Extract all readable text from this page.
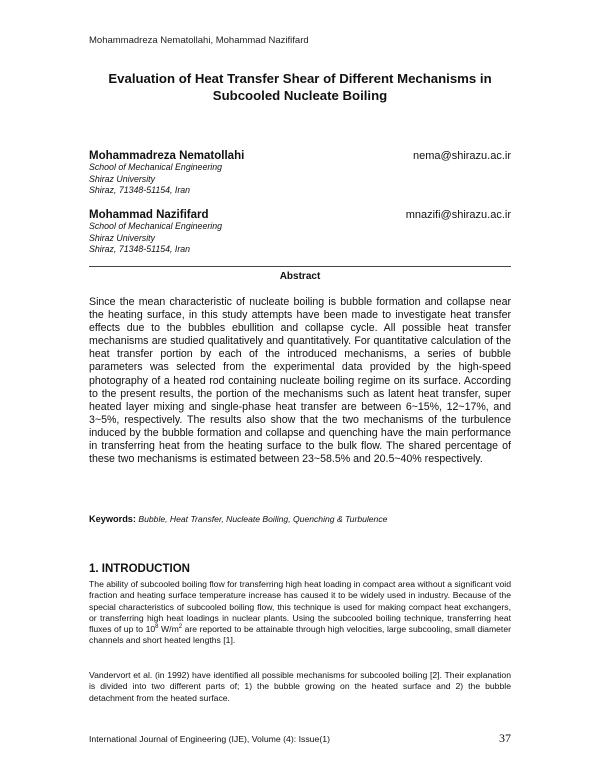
Mohammadreza Nematollahi, Mohammad Nazififard
Evaluation of Heat Transfer Shear of Different Mechanisms in Subcooled Nucleate Boiling
Mohammadreza Nematollahi	nema@shirazu.ac.ir
School of Mechanical Engineering
Shiraz University
Shiraz, 71348-51154, Iran
Mohammad Nazififard	mnazifi@shirazu.ac.ir
School of Mechanical Engineering
Shiraz University
Shiraz, 71348-51154, Iran
Abstract

Since the mean characteristic of nucleate boiling is bubble formation and collapse near the heating surface, in this study attempts have been made to investigate heat transfer effects due to the bubbles ebullition and collapse cycle. All possible heat transfer mechanisms are studied qualitatively and quantitatively. For quantitative calculation of the heat transfer portion by each of the introduced mechanisms, a series of bubble parameters was selected from the experimental data provided by the high-speed photography of a heated rod containing nucleate boiling regime on its surface. According to the present results, the portion of the mechanisms such as latent heat transfer, super heated layer mixing and single-phase heat transfer are between 6~15%, 12~17%, and 3~5%, respectively. The results also show that the two mechanisms of the turbulence induced by the bubble formation and collapse and quenching have the main performance in transferring heat from the heating surface to the bulk flow. The shared percentage of these two mechanisms is estimated between 23~58.5% and 20.5~40% respectively.

Keywords: Bubble, Heat Transfer, Nucleate Boiling, Quenching & Turbulence
1. INTRODUCTION

The ability of subcooled boiling flow for transferring high heat loading in compact area without a significant void fraction and heating surface temperature increase has caused it to be widely used in industry. Because of the special characteristics of subcooled boiling flow, this technique is used for making compact heat exchangers, or transferring high heat loadings in nuclear plants. Using the subcooled boiling technique, transferring heat fluxes of up to $10^8$ $W/m^2$ are reported to be attainable through high velocities, large subcooling, small diameter channels and short heated lengths [1].

Vandervort et al. (in 1992) have identified all possible mechanisms for subcooled boiling [2]. Their explanation is divided into two different parts of; 1) the bubble growing on the heated surface and 2) the bubble detachment from the heated surface.

International Journal of Engineering (IJE), Volume (4): Issue(1)	37
